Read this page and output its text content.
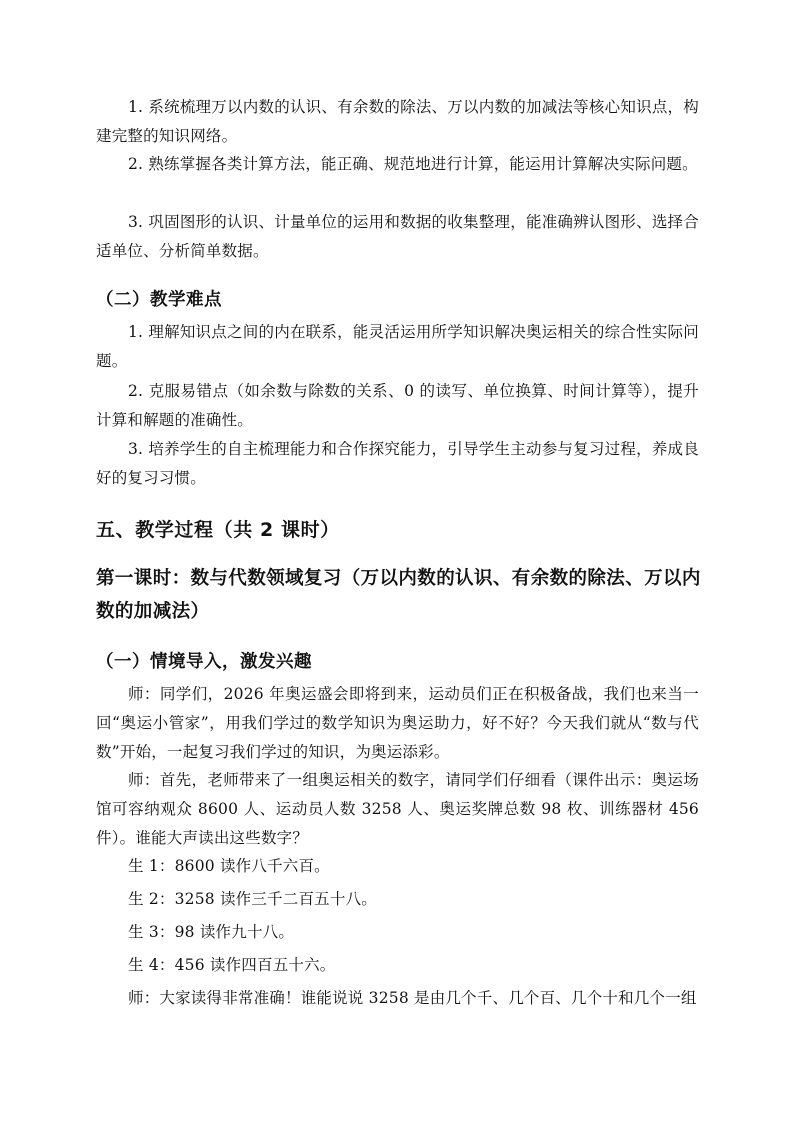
1. 系统梳理万以内数的认识、有余数的除法、万以内数的加减法等核心知识点，构建完整的知识网络。

2. 熟练掌握各类计算方法，能正确、规范地进行计算，能运用计算解决实际问题。

3. 巩固图形的认识、计量单位的运用和数据的收集整理，能准确辨认图形、选择合适单位、分析简单数据。

（二）教学难点

1. 理解知识点之间的内在联系，能灵活运用所学知识解决奥运相关的综合性实际问题。

2. 克服易错点（如余数与除数的关系、0 的读写、单位换算、时间计算等），提升计算和解题的准确性。

3. 培养学生的自主梳理能力和合作探究能力，引导学生主动参与复习过程，养成良好的复习习惯。

五、教学过程（共 2 课时）
第一课时：数与代数领域复习（万以内数的认识、有余数的除法、万以内数的加减法）
（一）情境导入，激发兴趣

师：同学们，2026 年奥运盛会即将到来，运动员们正在积极备战，我们也来当一回“奥运小管家”，用我们学过的数学知识为奥运助力，好不好？今天我们就从“数与代数”开始，一起复习我们学过的知识，为奥运添彩。

师：首先，老师带来了一组奥运相关的数字，请同学们仔细看（课件出示：奥运场馆可容纳观众 8600 人、运动员人数 3258 人、奥运奖牌总数 98 枚、训练器材 456 件）。谁能大声读出这些数字？

生 1：8600 读作八千六百。

生 2：3258 读作三千二百五十八。

生 3：98 读作九十八。

生 4：456 读作四百五十六。

师：大家读得非常准确！谁能说说 3258 是由几个千、几个百、几个十和几个一组
